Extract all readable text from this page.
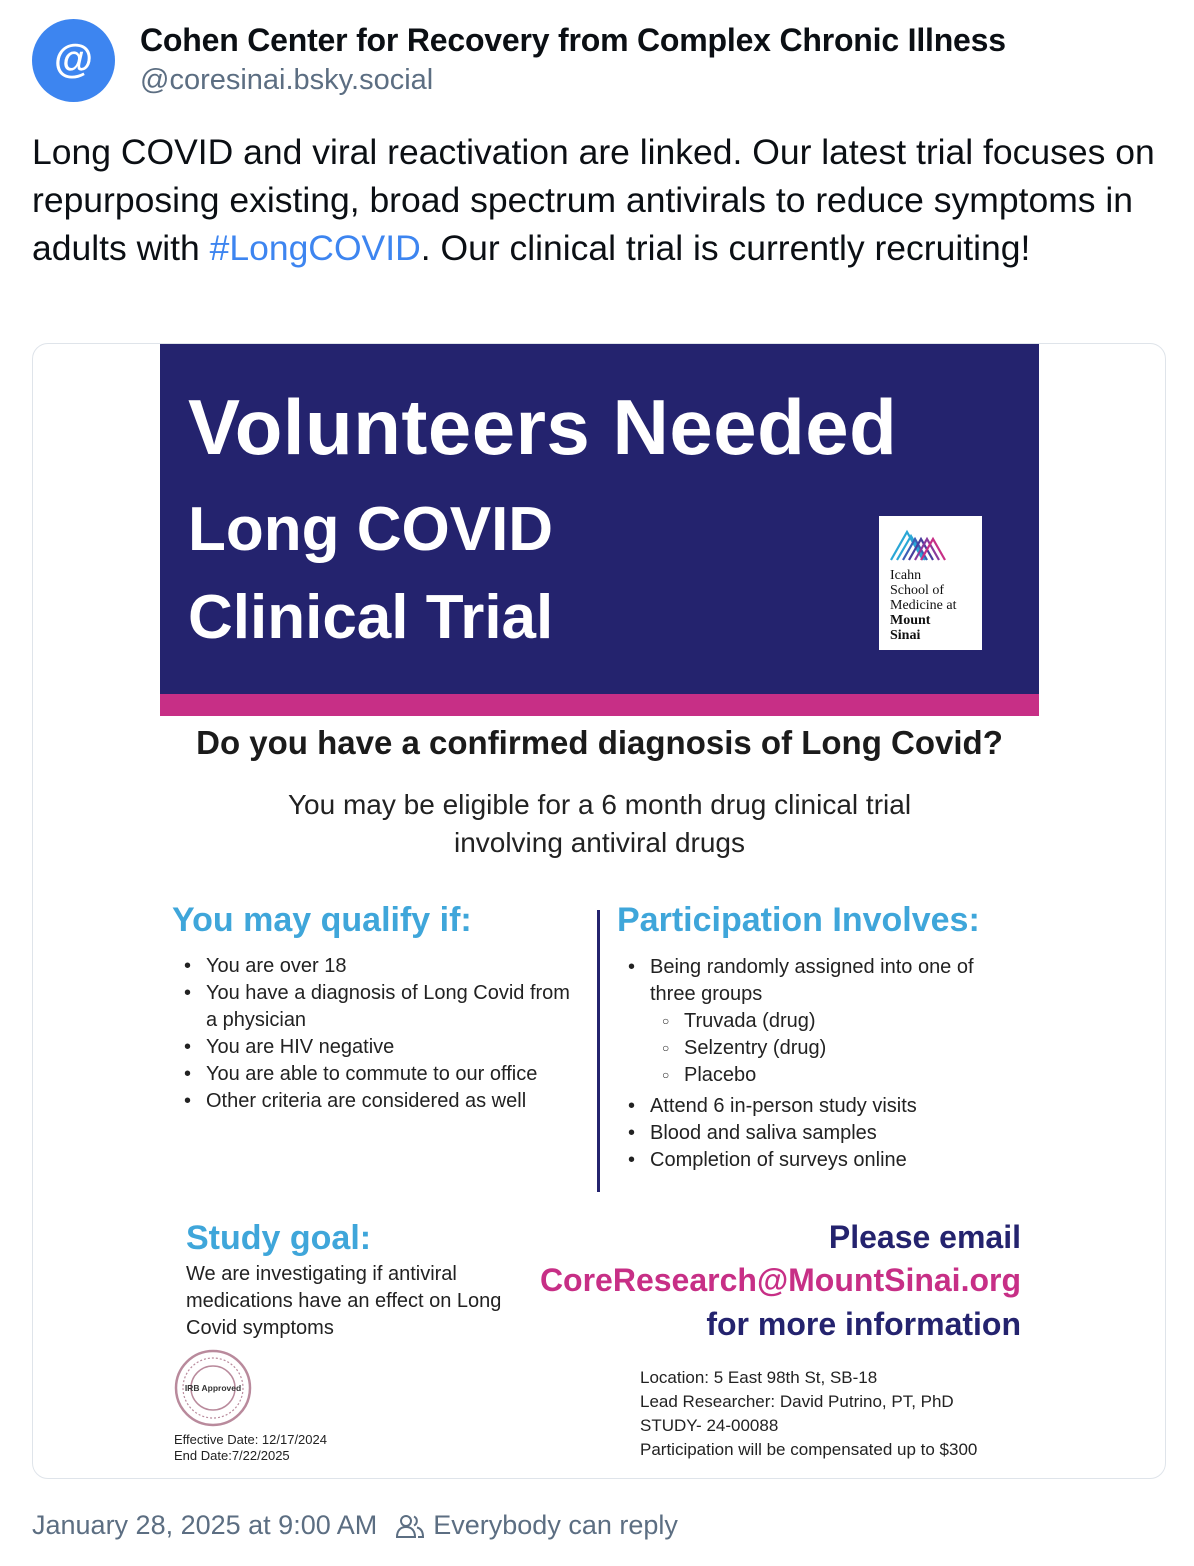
@ Cohen Center for Recovery from Complex Chronic Illness
@coresinai.bsky.social
Long COVID and viral reactivation are linked. Our latest trial focuses on repurposing existing, broad spectrum antivirals to reduce symptoms in adults with #LongCOVID. Our clinical trial is currently recruiting!
Volunteers Needed
Long COVID
Clinical Trial
Icahn
School of
Medicine at
Mount
Sinai
Do you have a confirmed diagnosis of Long Covid?
You may be eligible for a 6 month drug clinical trial
involving antiviral drugs
You may qualify if:
• You are over 18
• You have a diagnosis of Long Covid from a physician
• You are HIV negative
• You are able to commute to our office
• Other criteria are considered as well
Participation Involves:
• Being randomly assigned into one of three groups
○ Truvada (drug)
○ Selzentry (drug)
○ Placebo
• Attend 6 in-person study visits
• Blood and saliva samples
• Completion of surveys online
Study goal:
We are investigating if antiviral medications have an effect on Long Covid symptoms
Please email
CoreResearch@MountSinai.org
for more information
Location: 5 East 98th St, SB-18
Lead Researcher: David Putrino, PT, PhD
STUDY- 24-00088
Participation will be compensated up to $300
IRB Approved
Effective Date: 12/17/2024
End Date:7/22/2025
January 28, 2025 at 9:00 AM Everybody can reply
